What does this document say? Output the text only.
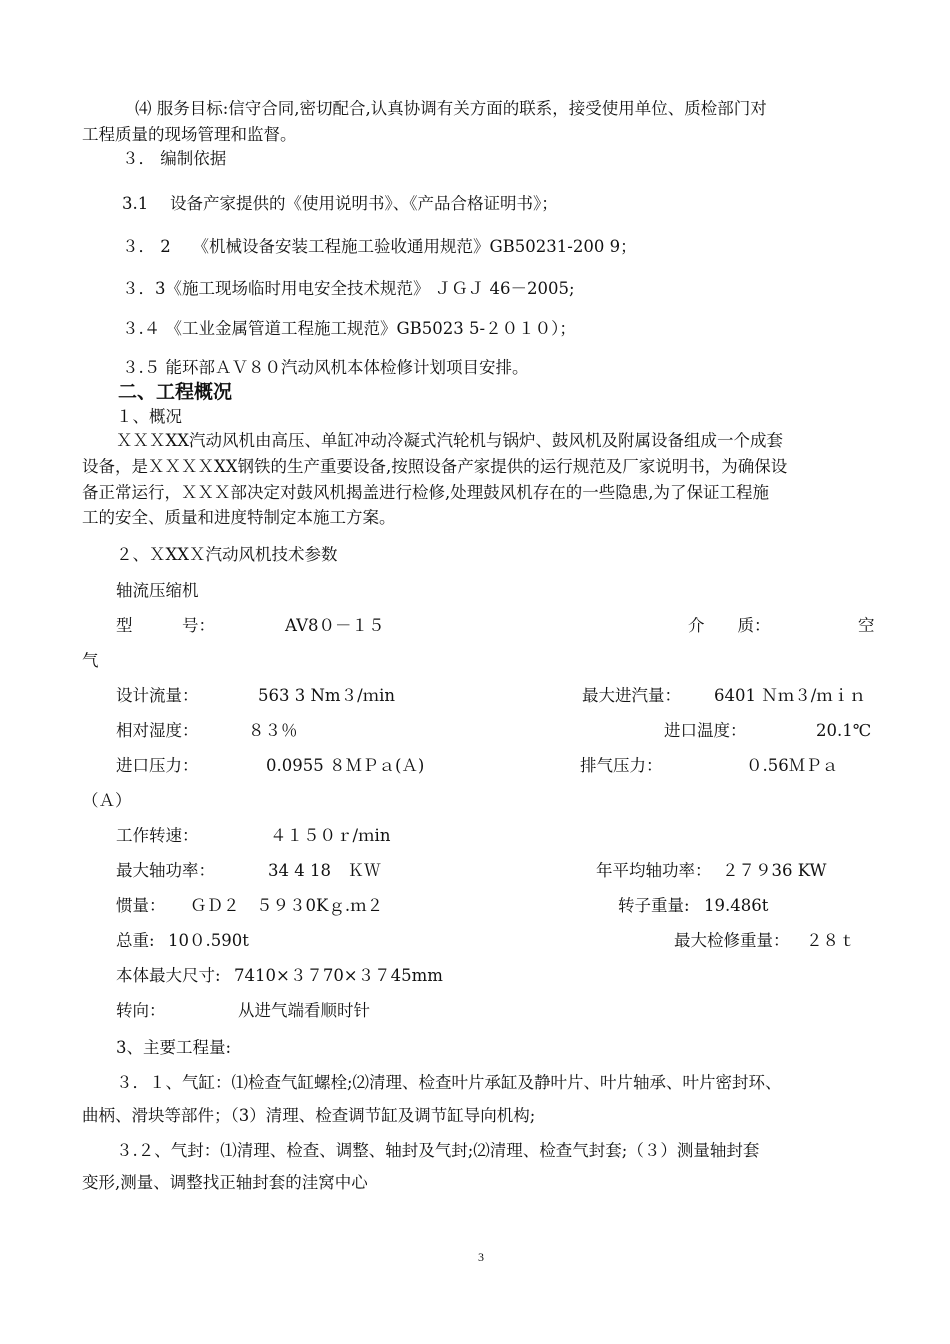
⑷ 服务目标:信守合同,密切配合,认真协调有关方面的联系，接受使用单位、质检部门对
工程质量的现场管理和监督。
３． 编制依据
3.1　 设备产家提供的《使用说明书》、《产品合格证明书》；
３． 2　 《机械设备安装工程施工验收通用规范》GB50231-200 9；
３．3《施工现场临时用电安全技术规范》 ＪＧＪ 46－2005;
３.４ 《工业金属管道工程施工规范》GB5023 5-２０１０）；
３.５ 能环部ＡＶ８０汽动风机本体检修计划项目安排。
二、工程概况
１、概况
ＸＸＸXX汽动风机由高压、单缸冲动冷凝式汽轮机与锅炉、鼓风机及附属设备组成一个成套
设备，是ＸＸＸＸXX钢铁的生产重要设备,按照设备产家提供的运行规范及厂家说明书，为确保设
备正常运行，ＸＸＸ部决定对鼓风机揭盖进行检修,处理鼓风机存在的一些隐患,为了保证工程施
工的安全、质量和进度特制定本施工方案。
２、ＸXXＸ汽动风机技术参数
轴流压缩机
型　　　号：	AV8０－１５	介　　质：	空
气
设计流量：	563 3 Nm３/ｍin	最大进汽量： 6401 Ｎｍ３/ｍｉｎ
相对湿度：	８３％	进口温度：	20.1℃
进口压力：	0.0955 ８ＭＰａ(Ａ)	排气压力：	０.56ＭＰａ
（Ａ）
工作转速：	４１５０ｒ/ｍin
最大轴功率：	34 4 18　ＫＷ	年平均轴功率： ２７９36 KW
惯量： ＧＤ２　５９３0Kｇ.ｍ２	转子重量: 19.486t
总重: 10０.590t	最大检修重量： ２８ｔ
本体最大尺寸: 7410×３７70×３７45mm
转向：	从进气端看顺时针
3、主要工程量:
３．１、气缸：⑴检查气缸螺栓;⑵清理、检查叶片承缸及静叶片、叶片轴承、叶片密封环、
曲柄、滑块等部件；（3）清理、检查调节缸及调节缸导向机构;
３.２、气封：⑴清理、检查、调整、轴封及气封;⑵清理、检查气封套;（３）测量轴封套
变形,测量、调整找正轴封套的洼窝中心
3
